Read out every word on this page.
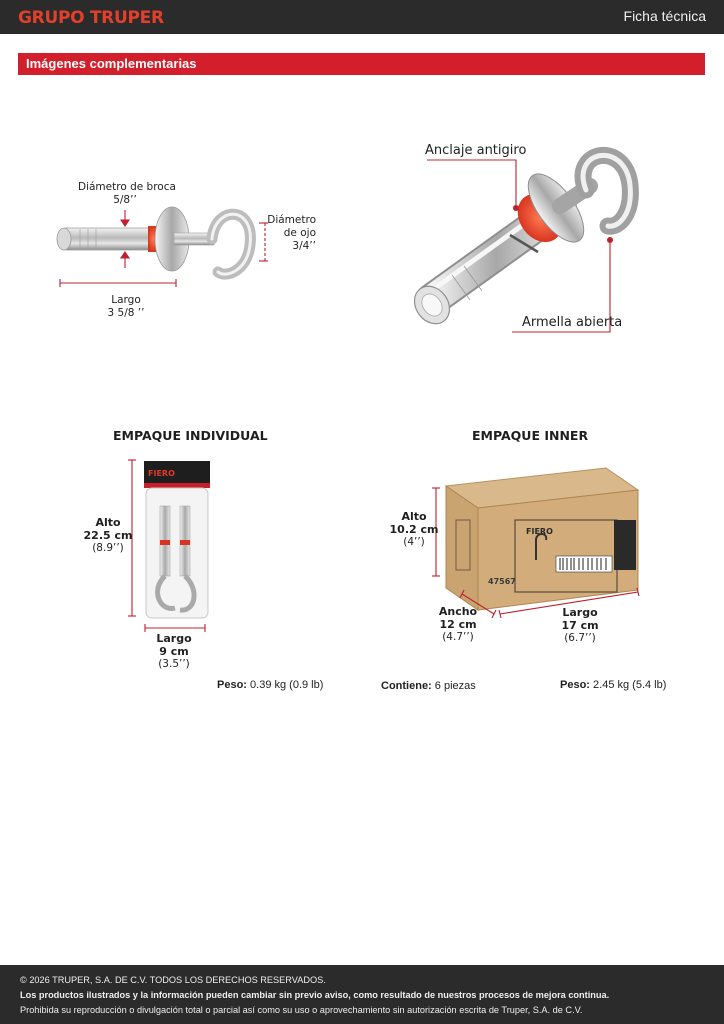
GRUPO TRUPER	Ficha técnica
Imágenes complementarias
Diámetro de broca
5/8’’
Diámetro
de ojo
3/4’’
Largo
3 5/8 ’’
Anclaje antigiro
Armella abierta
EMPAQUE INDIVIDUAL
FIERO
Alto
22.5 cm
(8.9’’)
Largo
9 cm
(3.5’’)
Peso: 0.39 kg (0.9 lb)
EMPAQUE INNER
FIERO
47567
Alto
10.2 cm
(4’’)
Ancho
12 cm
(4.7’’)
Largo
17 cm
(6.7’’)
Contiene: 6 piezas	Peso: 2.45 kg (5.4 lb)
© 2026 TRUPER, S.A. DE C.V. TODOS LOS DERECHOS RESERVADOS.
Los productos ilustrados y la información pueden cambiar sin previo aviso, como resultado de nuestros procesos de mejora continua.
Prohibida su reproducción o divulgación total o parcial así como su uso o aprovechamiento sin autorización escrita de Truper, S.A. de C.V.
